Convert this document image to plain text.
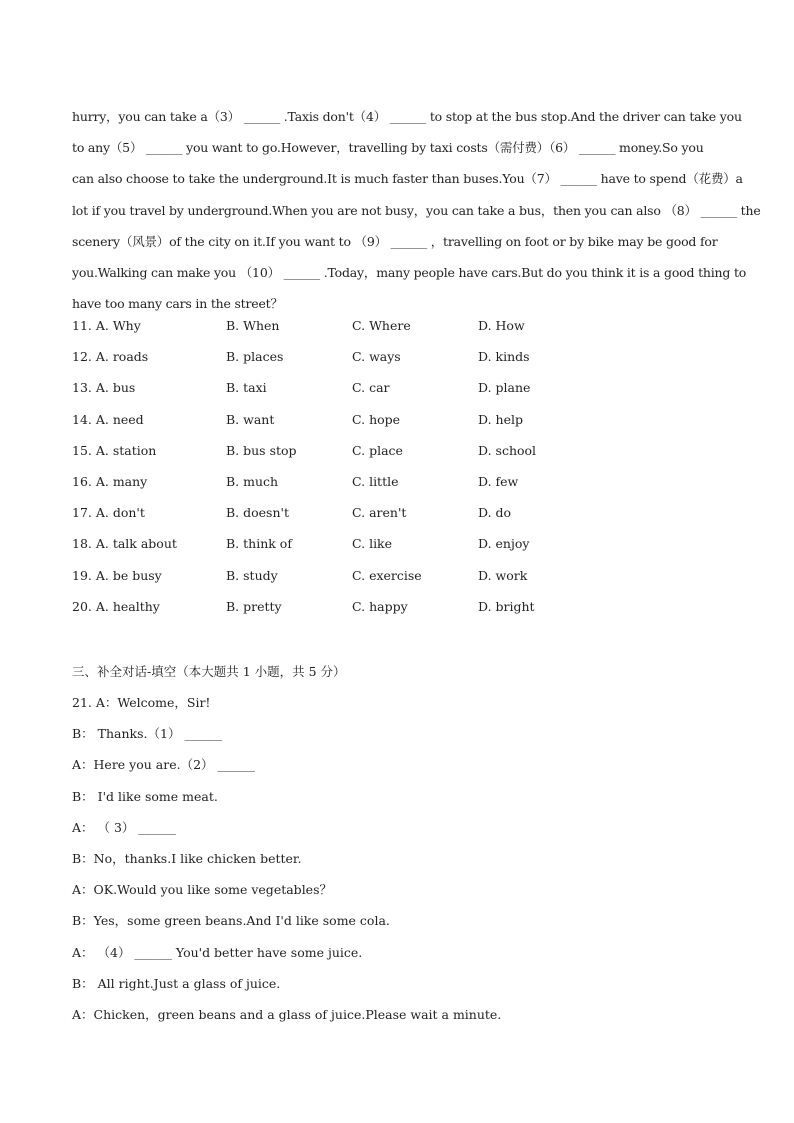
hurry，you can take a（3） ______ .Taxis don't（4） ______ to stop at the bus stop.And the driver can take you
to any（5） ______ you want to go.However，travelling by taxi costs（需付费）（6） ______ money.So you
can also choose to take the underground.It is much faster than buses.You（7） ______ have to spend（花费）a
lot if you travel by underground.When you are not busy，you can take a bus，then you can also （8） ______ the
scenery（风景）of the city on it.If you want to （9） ______ ，travelling on foot or by bike may be good for
you.Walking can make you （10） ______ .Today，many people have cars.But do you think it is a good thing to
have too many cars in the street？
11. A. Why	B. When	C. Where	D. How
12. A. roads	B. places	C. ways	D. kinds
13. A. bus	B. taxi	C. car	D. plane
14. A. need	B. want	C. hope	D. help
15. A. station	B. bus stop	C. place	D. school
16. A. many	B. much	C. little	D. few
17. A. don't	B. doesn't	C. aren't	D. do
18. A. talk about	B. think of	C. like	D. enjoy
19. A. be busy	B. study	C. exercise	D. work
20. A. healthy	B. pretty	C. happy	D. bright
三、补全对话-填空（本大题共 1 小题，共 5 分）
21. A：Welcome，Sir!
B： Thanks.（1） ______
A：Here you are.（2） ______
B： I'd like some meat.
A： （ 3） ______
B：No，thanks.I like chicken better.
A：OK.Would you like some vegetables？
B：Yes，some green beans.And I'd like some cola.
A： （4） ______ You'd better have some juice.
B： All right.Just a glass of juice.
A：Chicken，green beans and a glass of juice.Please wait a minute.
